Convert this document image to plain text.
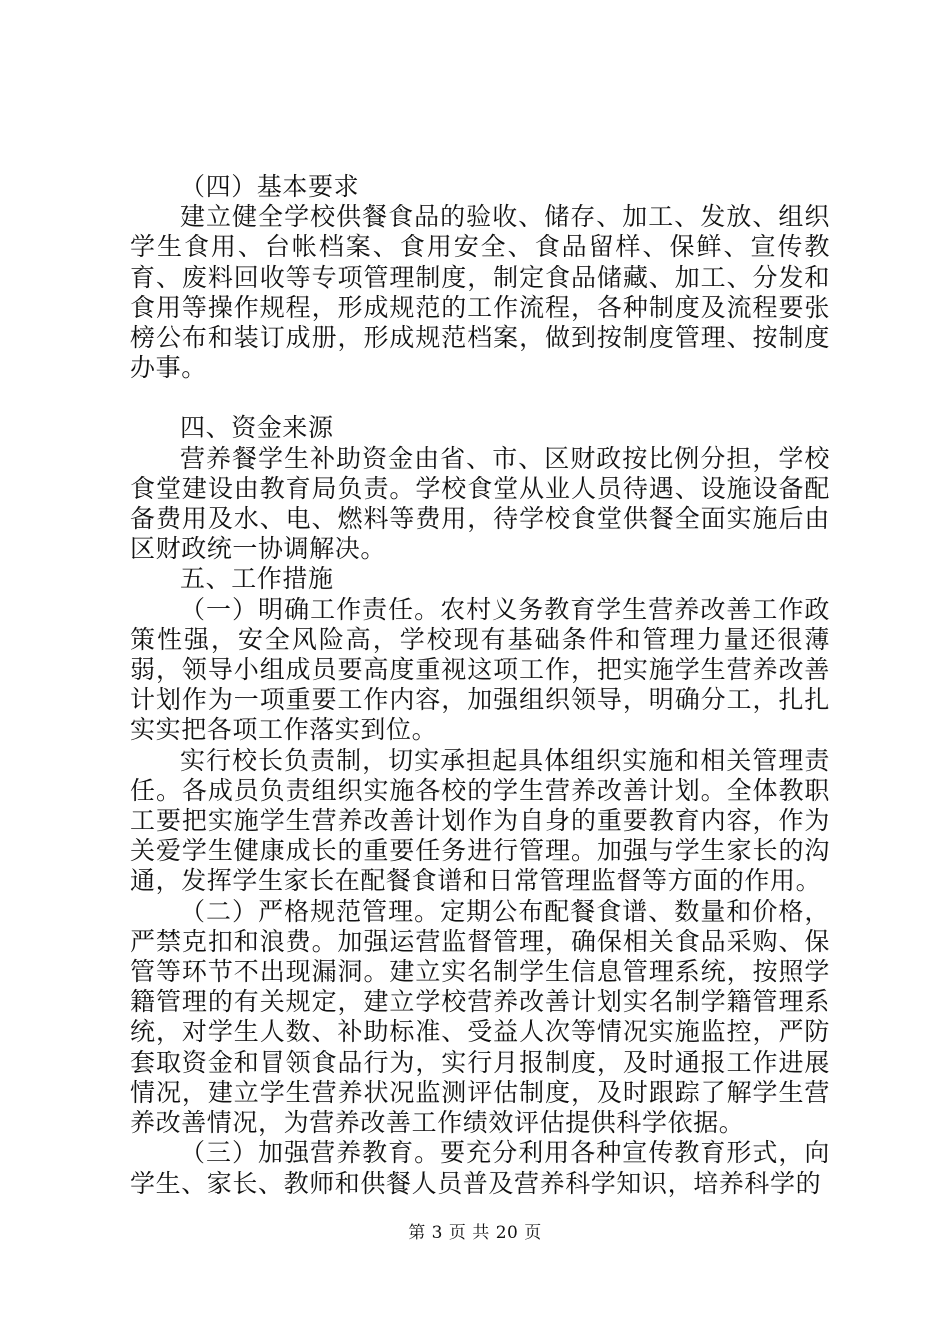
（四）基本要求

建立健全学校供餐食品的验收、储存、加工、发放、组织学生食用、台帐档案、食用安全、食品留样、保鲜、宣传教育、废料回收等专项管理制度，制定食品储藏、加工、分发和食用等操作规程，形成规范的工作流程，各种制度及流程要张榜公布和装订成册，形成规范档案，做到按制度管理、按制度办事。

四、资金来源

营养餐学生补助资金由省、市、区财政按比例分担，学校食堂建设由教育局负责。学校食堂从业人员待遇、设施设备配备费用及水、电、燃料等费用，待学校食堂供餐全面实施后由区财政统一协调解决。

五、工作措施

（一）明确工作责任。农村义务教育学生营养改善工作政策性强，安全风险高，学校现有基础条件和管理力量还很薄弱，领导小组成员要高度重视这项工作，把实施学生营养改善计划作为一项重要工作内容，加强组织领导，明确分工，扎扎实实把各项工作落实到位。

实行校长负责制，切实承担起具体组织实施和相关管理责任。各成员负责组织实施各校的学生营养改善计划。全体教职工要把实施学生营养改善计划作为自身的重要教育内容，作为关爱学生健康成长的重要任务进行管理。加强与学生家长的沟通，发挥学生家长在配餐食谱和日常管理监督等方面的作用。

（二）严格规范管理。定期公布配餐食谱、数量和价格，严禁克扣和浪费。加强运营监督管理，确保相关食品采购、保管等环节不出现漏洞。建立实名制学生信息管理系统，按照学籍管理的有关规定，建立学校营养改善计划实名制学籍管理系统，对学生人数、补助标准、受益人次等情况实施监控，严防套取资金和冒领食品行为，实行月报制度，及时通报工作进展情况，建立学生营养状况监测评估制度，及时跟踪了解学生营养改善情况，为营养改善工作绩效评估提供科学依据。

（三）加强营养教育。要充分利用各种宣传教育形式，向学生、家长、教师和供餐人员普及营养科学知识，培养科学的

第 3 页 共 20 页
